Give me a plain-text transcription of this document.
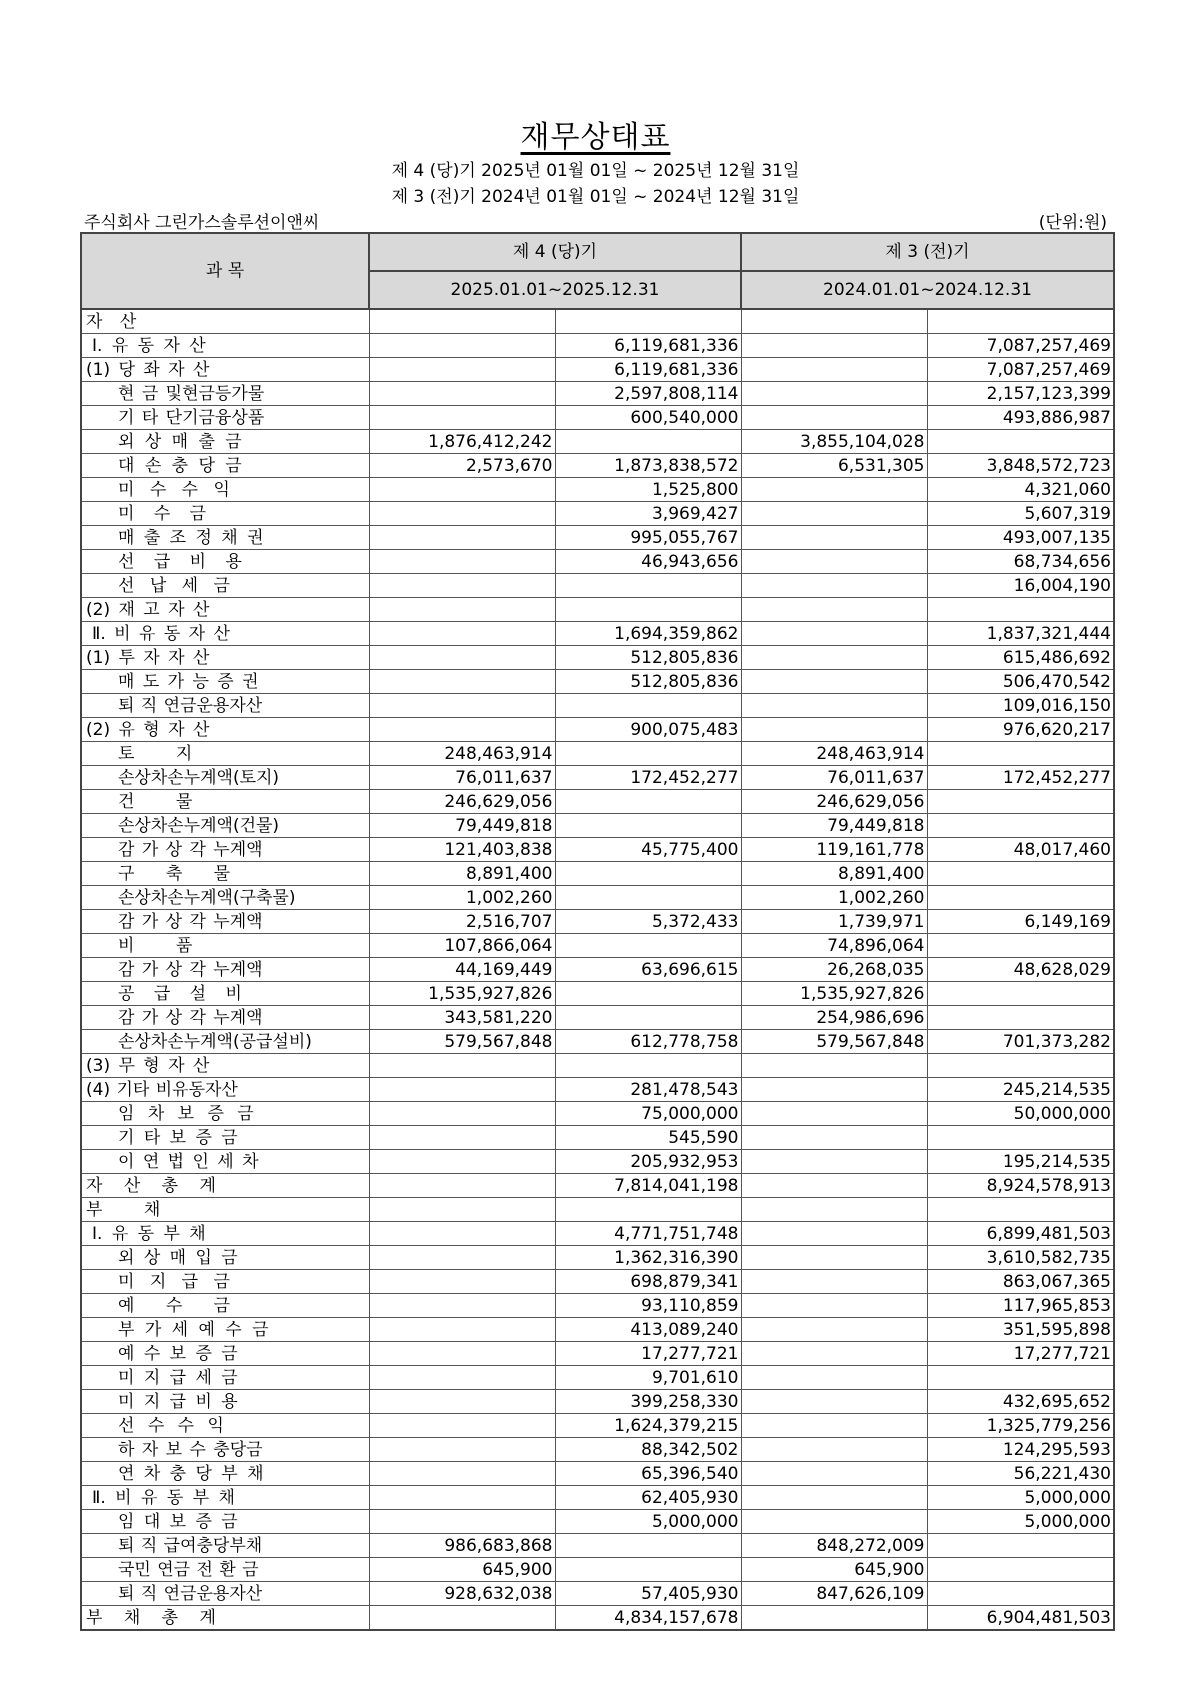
재무상태표
제 4 (당)기 2025년 01월 01일 ~ 2025년 12월 31일
제 3 (전)기 2024년 01월 01일 ~ 2024년 12월 31일
주식회사 그린가스솔루션이앤씨	(단위:원)
과 목	제 4 (당)기		제 3 (전)기	
	2025.01.01~2025.12.31		2024.01.01~2024.12.31	
자 산				
Ⅰ. 유 동 자 산		6,119,681,336		7,087,257,469
(1) 당 좌 자 산		6,119,681,336		7,087,257,469
현 금 및현금등가물		2,597,808,114		2,157,123,399
기 타 단기금융상품		600,540,000		493,886,987
외 상 매 출 금	1,876,412,242		3,855,104,028	
대 손 충 당 금	2,573,670	1,873,838,572	6,531,305	3,848,572,723
미 수 수 익		1,525,800		4,321,060
미 수 금		3,969,427		5,607,319
매 출 조 정 채 권		995,055,767		493,007,135
선 급 비 용		46,943,656		68,734,656
선 납 세 금				16,004,190
(2) 재 고 자 산				
Ⅱ. 비 유 동 자 산		1,694,359,862		1,837,321,444
(1) 투 자 자 산		512,805,836		615,486,692
매 도 가 능 증 권		512,805,836		506,470,542
퇴 직 연금운용자산				109,016,150
(2) 유 형 자 산		900,075,483		976,620,217
토 지	248,463,914		248,463,914	
손상차손누계액(토지)	76,011,637	172,452,277	76,011,637	172,452,277
건 물	246,629,056		246,629,056	
손상차손누계액(건물)	79,449,818		79,449,818	
감 가 상 각 누계액	121,403,838	45,775,400	119,161,778	48,017,460
구 축 물	8,891,400		8,891,400	
손상차손누계액(구축물)	1,002,260		1,002,260	
감 가 상 각 누계액	2,516,707	5,372,433	1,739,971	6,149,169
비 품	107,866,064		74,896,064	
감 가 상 각 누계액	44,169,449	63,696,615	26,268,035	48,628,029
공 급 설 비	1,535,927,826		1,535,927,826	
감 가 상 각 누계액	343,581,220		254,986,696	
손상차손누계액(공급설비)	579,567,848	612,778,758	579,567,848	701,373,282
(3) 무 형 자 산				
(4) 기타 비유동자산		281,478,543		245,214,535
임 차 보 증 금		75,000,000		50,000,000
기 타 보 증 금		545,590		
이 연 법 인 세 차		205,932,953		195,214,535
자 산 총 계		7,814,041,198		8,924,578,913
부 채				
Ⅰ. 유 동 부 채		4,771,751,748		6,899,481,503
외 상 매 입 금		1,362,316,390		3,610,582,735
미 지 급 금		698,879,341		863,067,365
예 수 금		93,110,859		117,965,853
부 가 세 예 수 금		413,089,240		351,595,898
예 수 보 증 금		17,277,721		17,277,721
미 지 급 세 금		9,701,610		
미 지 급 비 용		399,258,330		432,695,652
선 수 수 익		1,624,379,215		1,325,779,256
하 자 보 수 충당금		88,342,502		124,295,593
연 차 충 당 부 채		65,396,540		56,221,430
Ⅱ. 비 유 동 부 채		62,405,930		5,000,000
임 대 보 증 금		5,000,000		5,000,000
퇴 직 급여충당부채	986,683,868		848,272,009	
국민 연금 전 환 금	645,900		645,900	
퇴 직 연금운용자산	928,632,038	57,405,930	847,626,109	
부 채 총 계		4,834,157,678		6,904,481,503
